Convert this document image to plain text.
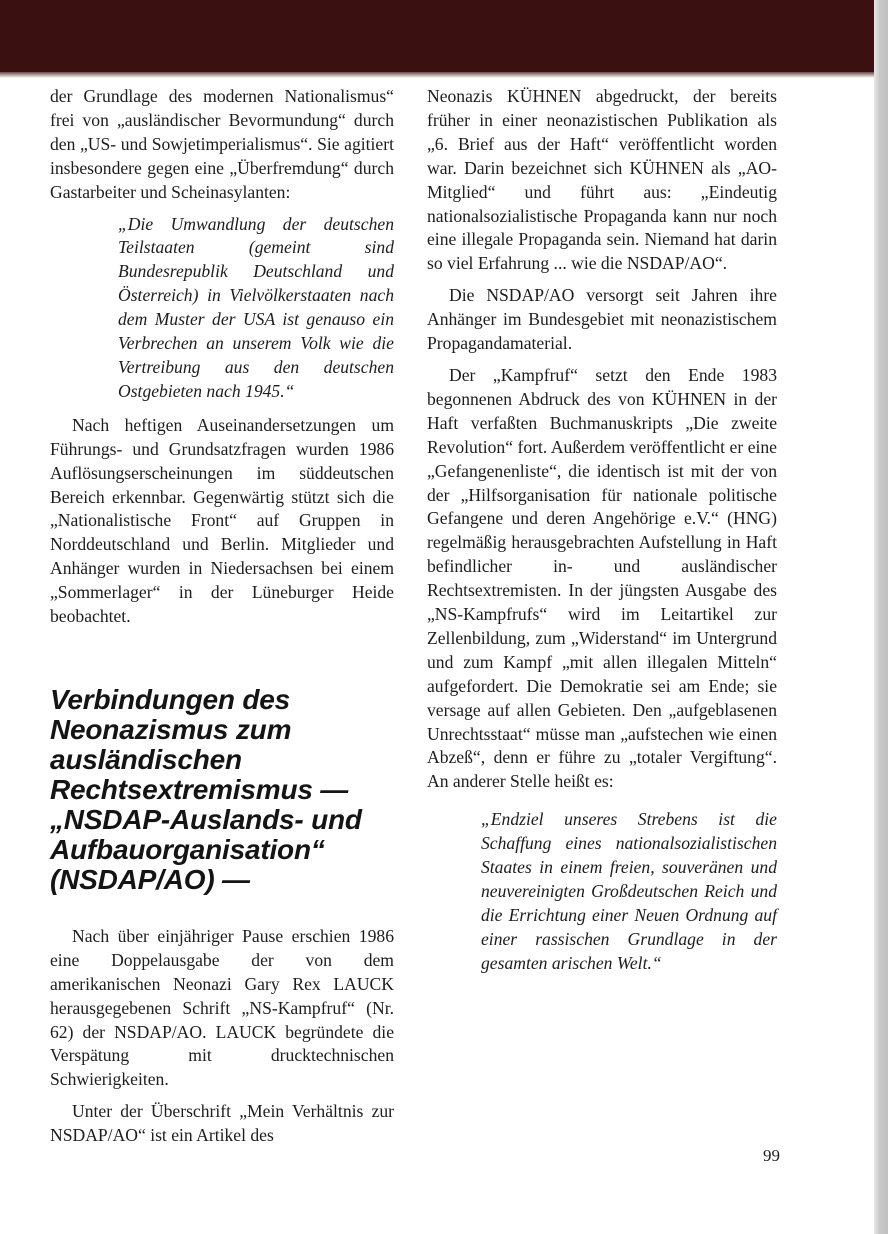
der Grundlage des modernen Nationalismus“ frei von „ausländischer Bevormundung“ durch den „US- und Sowjetimperialismus“. Sie agitiert insbesondere gegen eine „Überfremdung“ durch Gastarbeiter und Scheinasylanten:

„Die Umwandlung der deutschen Teilstaaten (gemeint sind Bundesrepublik Deutschland und Österreich) in Vielvölkerstaaten nach dem Muster der USA ist genauso ein Verbrechen an unserem Volk wie die Vertreibung aus den deutschen Ostgebieten nach 1945.“

Nach heftigen Auseinandersetzungen um Führungs- und Grundsatzfragen wurden 1986 Auflösungserscheinungen im süddeutschen Bereich erkennbar. Gegenwärtig stützt sich die „Nationalistische Front“ auf Gruppen in Norddeutschland und Berlin. Mitglieder und Anhänger wurden in Niedersachsen bei einem „Sommerlager“ in der Lüneburger Heide beobachtet.

Verbindungen des Neonazismus zum ausländischen Rechtsextremismus — „NSDAP-Auslands- und Aufbauorganisation“ (NSDAP/AO) —

Nach über einjähriger Pause erschien 1986 eine Doppelausgabe der von dem amerikanischen Neonazi Gary Rex LAUCK herausgegebenen Schrift „NS-Kampfruf“ (Nr. 62) der NSDAP/AO. LAUCK begründete die Verspätung mit drucktechnischen Schwierigkeiten.

Unter der Überschrift „Mein Verhältnis zur NSDAP/AO“ ist ein Artikel des

Neonazis KÜHNEN abgedruckt, der bereits früher in einer neonazistischen Publikation als „6. Brief aus der Haft“ veröffentlicht worden war. Darin bezeichnet sich KÜHNEN als „AO-Mitglied“ und führt aus: „Eindeutig nationalsozialistische Propaganda kann nur noch eine illegale Propaganda sein. Niemand hat darin so viel Erfahrung ... wie die NSDAP/AO“.

Die NSDAP/AO versorgt seit Jahren ihre Anhänger im Bundesgebiet mit neonazistischem Propagandamaterial.

Der „Kampfruf“ setzt den Ende 1983 begonnenen Abdruck des von KÜHNEN in der Haft verfaßten Buchmanuskripts „Die zweite Revolution“ fort. Außerdem veröffentlicht er eine „Gefangenenliste“, die identisch ist mit der von der „Hilfsorganisation für nationale politische Gefangene und deren Angehörige e.V.“ (HNG) regelmäßig herausgebrachten Aufstellung in Haft befindlicher in- und ausländischer Rechtsextremisten. In der jüngsten Ausgabe des „NS-Kampfrufs“ wird im Leitartikel zur Zellenbildung, zum „Widerstand“ im Untergrund und zum Kampf „mit allen illegalen Mitteln“ aufgefordert. Die Demokratie sei am Ende; sie versage auf allen Gebieten. Den „aufgeblasenen Unrechtsstaat“ müsse man „aufstechen wie einen Abzeß“, denn er führe zu „totaler Vergiftung“. An anderer Stelle heißt es:

„Endziel unseres Strebens ist die Schaffung eines nationalsozialistischen Staates in einem freien, souveränen und neuvereinigten Großdeutschen Reich und die Errichtung einer Neuen Ordnung auf einer rassischen Grundlage in der gesamten arischen Welt.“

99
